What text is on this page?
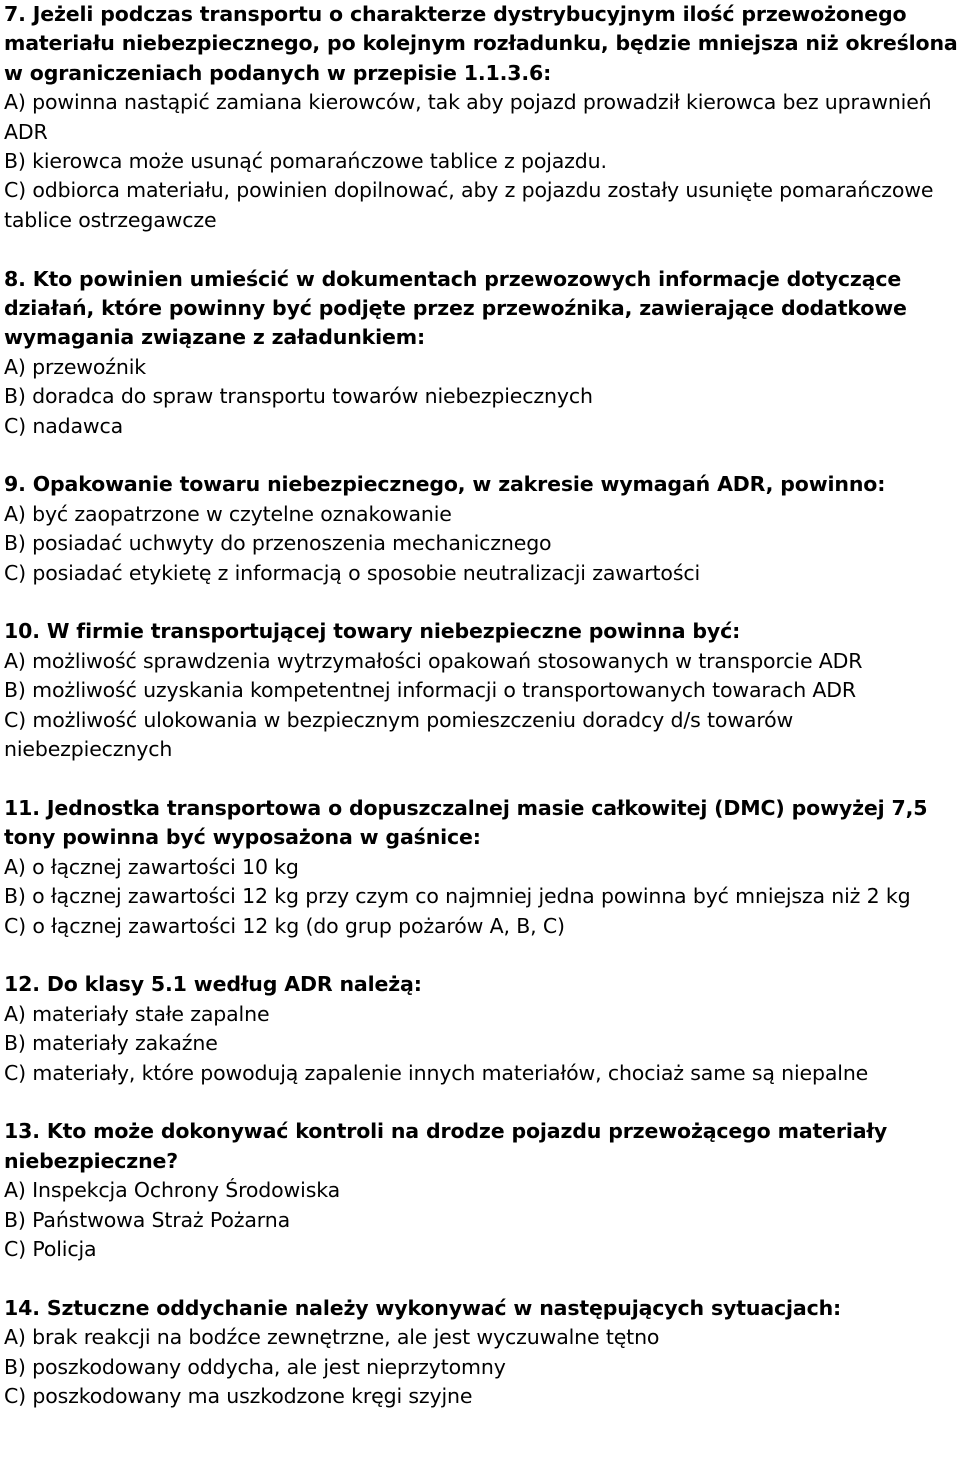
7. Jeżeli podczas transportu o charakterze dystrybucyjnym ilość przewożonego materiału niebezpiecznego, po kolejnym rozładunku, będzie mniejsza niż określona w ograniczeniach podanych w przepisie 1.1.3.6:

A) powinna nastąpić zamiana kierowców, tak aby pojazd prowadził kierowca bez uprawnień ADR

B) kierowca może usunąć pomarańczowe tablice z pojazdu.

C) odbiorca materiału, powinien dopilnować, aby z pojazdu zostały usunięte pomarańczowe tablice ostrzegawcze

8. Kto powinien umieścić w dokumentach przewozowych informacje dotyczące działań, które powinny być podjęte przez przewoźnika, zawierające dodatkowe wymagania związane z załadunkiem:

A) przewoźnik

B) doradca do spraw transportu towarów niebezpiecznych

C) nadawca

9. Opakowanie towaru niebezpiecznego, w zakresie wymagań ADR, powinno:

A) być zaopatrzone w czytelne oznakowanie

B) posiadać uchwyty do przenoszenia mechanicznego

C) posiadać etykietę z informacją o sposobie neutralizacji zawartości

10. W firmie transportującej towary niebezpieczne powinna być:

A) możliwość sprawdzenia wytrzymałości opakowań stosowanych w transporcie ADR

B) możliwość uzyskania kompetentnej informacji o transportowanych towarach ADR

C) możliwość ulokowania w bezpiecznym pomieszczeniu doradcy d/s towarów niebezpiecznych

11. Jednostka transportowa o dopuszczalnej masie całkowitej (DMC) powyżej 7,5 tony powinna być wyposażona w gaśnice:

A) o łącznej zawartości 10 kg

B) o łącznej zawartości 12 kg przy czym co najmniej jedna powinna być mniejsza niż 2 kg

C) o łącznej zawartości 12 kg (do grup pożarów A, B, C)

12. Do klasy 5.1 według ADR należą:

A) materiały stałe zapalne

B) materiały zakaźne

C) materiały, które powodują zapalenie innych materiałów, chociaż same są niepalne

13. Kto może dokonywać kontroli na drodze pojazdu przewożącego materiały niebezpieczne?

A) Inspekcja Ochrony Środowiska

B) Państwowa Straż Pożarna

C) Policja

14. Sztuczne oddychanie należy wykonywać w następujących sytuacjach:

A) brak reakcji na bodźce zewnętrzne, ale jest wyczuwalne tętno

B) poszkodowany oddycha, ale jest nieprzytomny

C) poszkodowany ma uszkodzone kręgi szyjne
